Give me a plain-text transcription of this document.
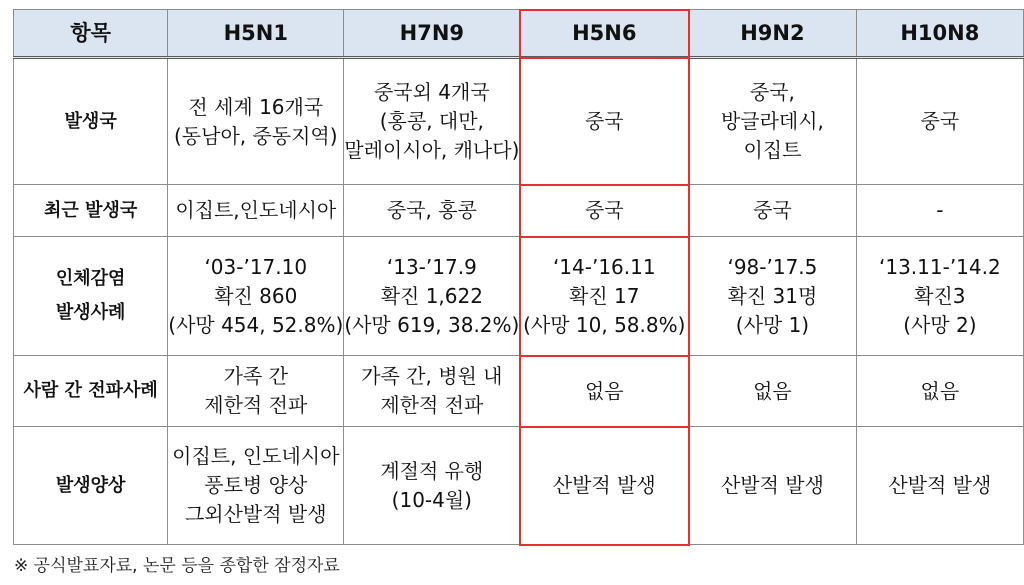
항목	H5N1	H7N9	H5N6	H9N2	H10N8

발생국	전 세계 16개국
(동남아, 중동지역)	중국외 4개국
(홍콩, 대만,
말레이시아, 캐나다)	중국	중국,
방글라데시,
이집트	중국

최근 발생국	이집트,인도네시아	중국, 홍콩	중국	중국	-

인체감염
발생사례	‘03-’17.10
확진 860
(사망 454, 52.8%)	‘13-’17.9
확진 1,622
(사망 619, 38.2%)	‘14-’16.11
확진 17
(사망 10, 58.8%)	‘98-’17.5
확진 31명
(사망 1)	‘13.11-’14.2
확진3
(사망 2)

사람 간 전파사례	가족 간
제한적 전파	가족 간, 병원 내
제한적 전파	없음	없음	없음

발생양상	이집트, 인도네시아
풍토병 양상
그외산발적 발생	계절적 유행
(10-4월)	산발적 발생	산발적 발생	산발적 발생
※ 공식발표자료, 논문 등을 종합한 잠정자료
